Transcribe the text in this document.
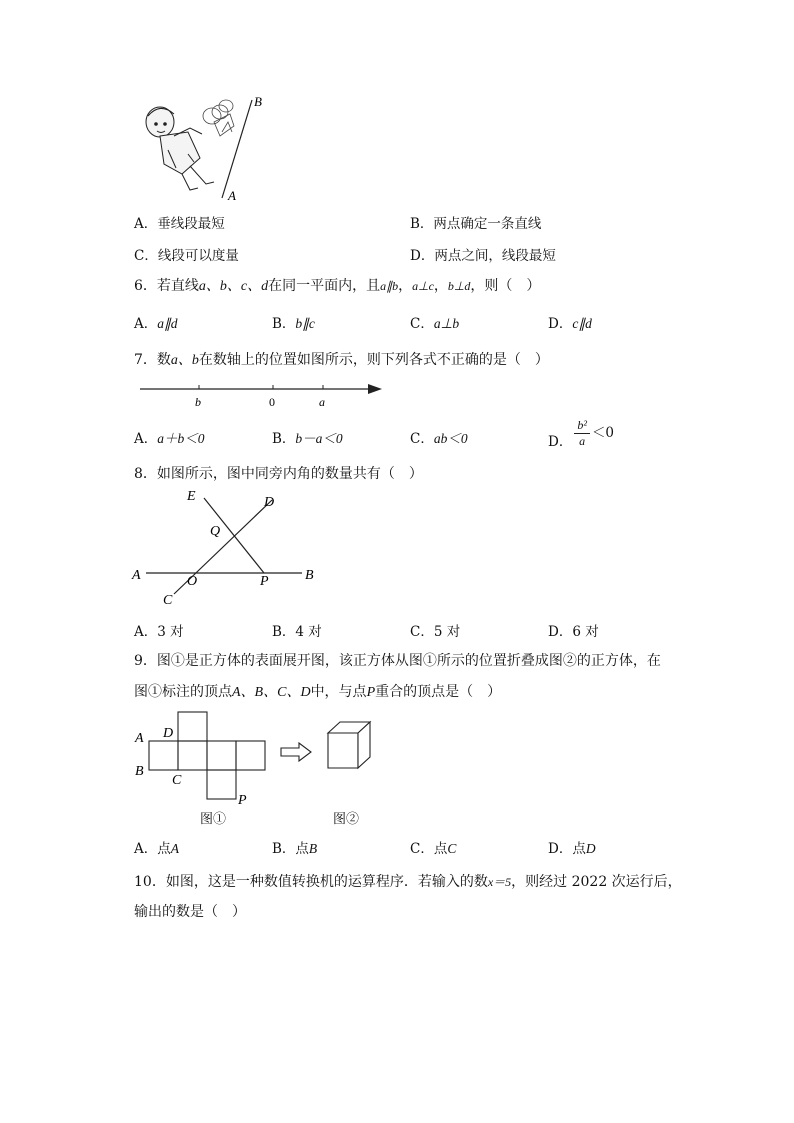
B
A
A．垂线段最短	B．两点确定一条直线
C．线段可以度量	D．两点之间，线段最短
6．若直线a、b、c、d在同一平面内，且a∥b，a⊥c，b⊥d，则（　）
A．a∥d	B．b∥c	C．a⊥b	D．c∥d
7．数a、b在数轴上的位置如图所示，则下列各式不正确的是（　）
b	0	a
A．a＋b＜0	B．b－a＜0	C．ab＜0	D． $\frac{\text{b²}}{a} <0$
8．如图所示，图中同旁内角的数量共有（　）
E	D
Q
A	O	P	B
C
A．3 对	B．4 对	C．5 对	D．6 对
9．图①是正方体的表面展开图，该正方体从图①所示的位置折叠成图②的正方体，在
图①标注的顶点A、B、C、D中，与点P重合的顶点是（　）
A D
B
C
P
图①	图②
A．点A	B．点B	C．点C	D．点D
10．如图，这是一种数值转换机的运算程序．若输入的数x＝5，则经过 2022 次运行后，
输出的数是（　）
